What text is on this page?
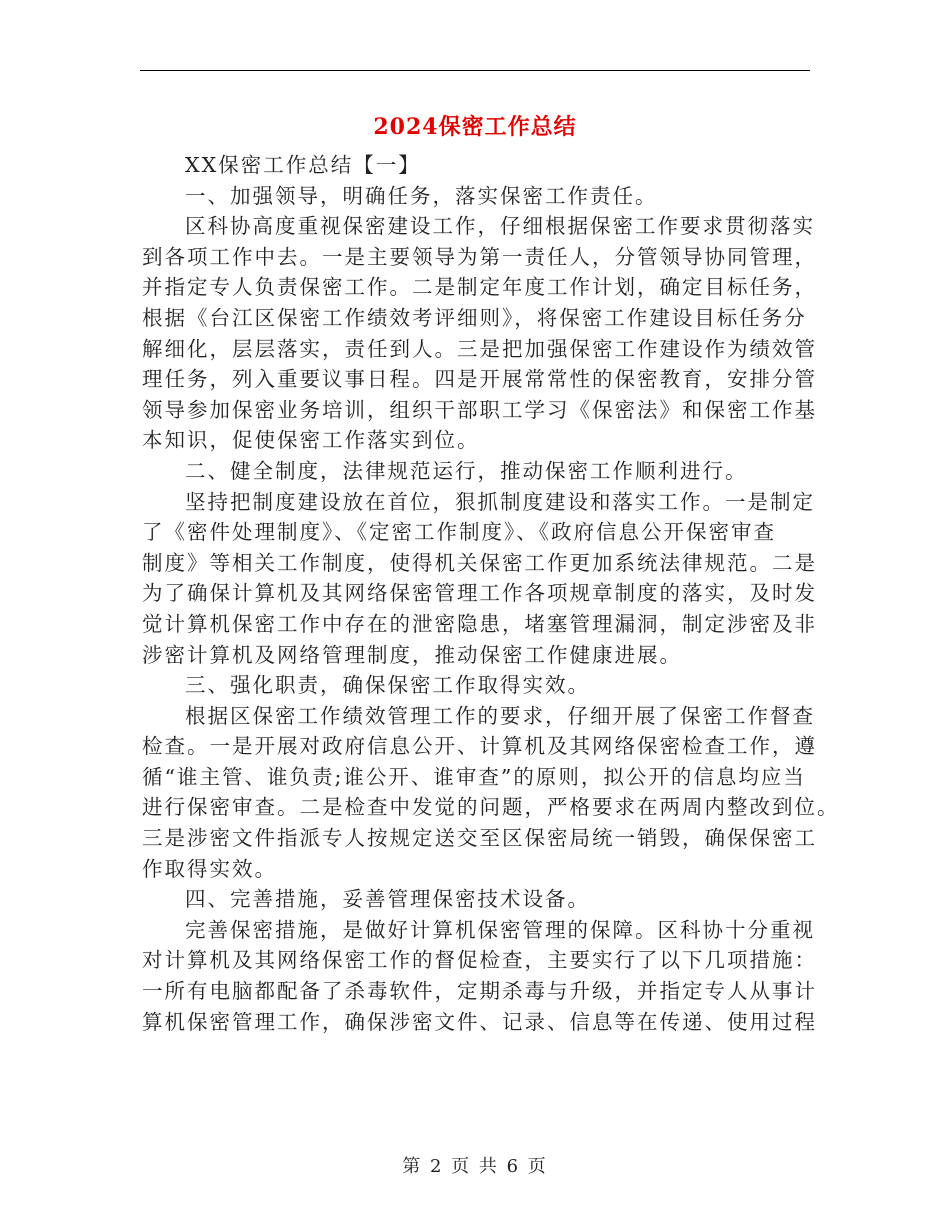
2024保密工作总结
XX保密工作总结【一】
一、加强领导，明确任务，落实保密工作责任。
区科协高度重视保密建设工作，仔细根据保密工作要求贯彻落实
到各项工作中去。一是主要领导为第一责任人，分管领导协同管理，
并指定专人负责保密工作。二是制定年度工作计划，确定目标任务，
根据《台江区保密工作绩效考评细则》，将保密工作建设目标任务分
解细化，层层落实，责任到人。三是把加强保密工作建设作为绩效管
理任务，列入重要议事日程。四是开展常常性的保密教育，安排分管
领导参加保密业务培训，组织干部职工学习《保密法》和保密工作基
本知识，促使保密工作落实到位。
二、健全制度，法律规范运行，推动保密工作顺利进行。
坚持把制度建设放在首位，狠抓制度建设和落实工作。一是制定
了《密件处理制度》、《定密工作制度》、《政府信息公开保密审查
制度》等相关工作制度，使得机关保密工作更加系统法律规范。二是
为了确保计算机及其网络保密管理工作各项规章制度的落实，及时发
觉计算机保密工作中存在的泄密隐患，堵塞管理漏洞，制定涉密及非
涉密计算机及网络管理制度，推动保密工作健康进展。
三、强化职责，确保保密工作取得实效。
根据区保密工作绩效管理工作的要求，仔细开展了保密工作督查
检查。一是开展对政府信息公开、计算机及其网络保密检查工作，遵
循“谁主管、谁负责;谁公开、谁审查”的原则，拟公开的信息均应当
进行保密审查。二是检查中发觉的问题，严格要求在两周内整改到位。
三是涉密文件指派专人按规定送交至区保密局统一销毁，确保保密工
作取得实效。
四、完善措施，妥善管理保密技术设备。
完善保密措施，是做好计算机保密管理的保障。区科协十分重视
对计算机及其网络保密工作的督促检查，主要实行了以下几项措施：
一所有电脑都配备了杀毒软件，定期杀毒与升级，并指定专人从事计
算机保密管理工作，确保涉密文件、记录、信息等在传递、使用过程
第 2 页 共 6 页
